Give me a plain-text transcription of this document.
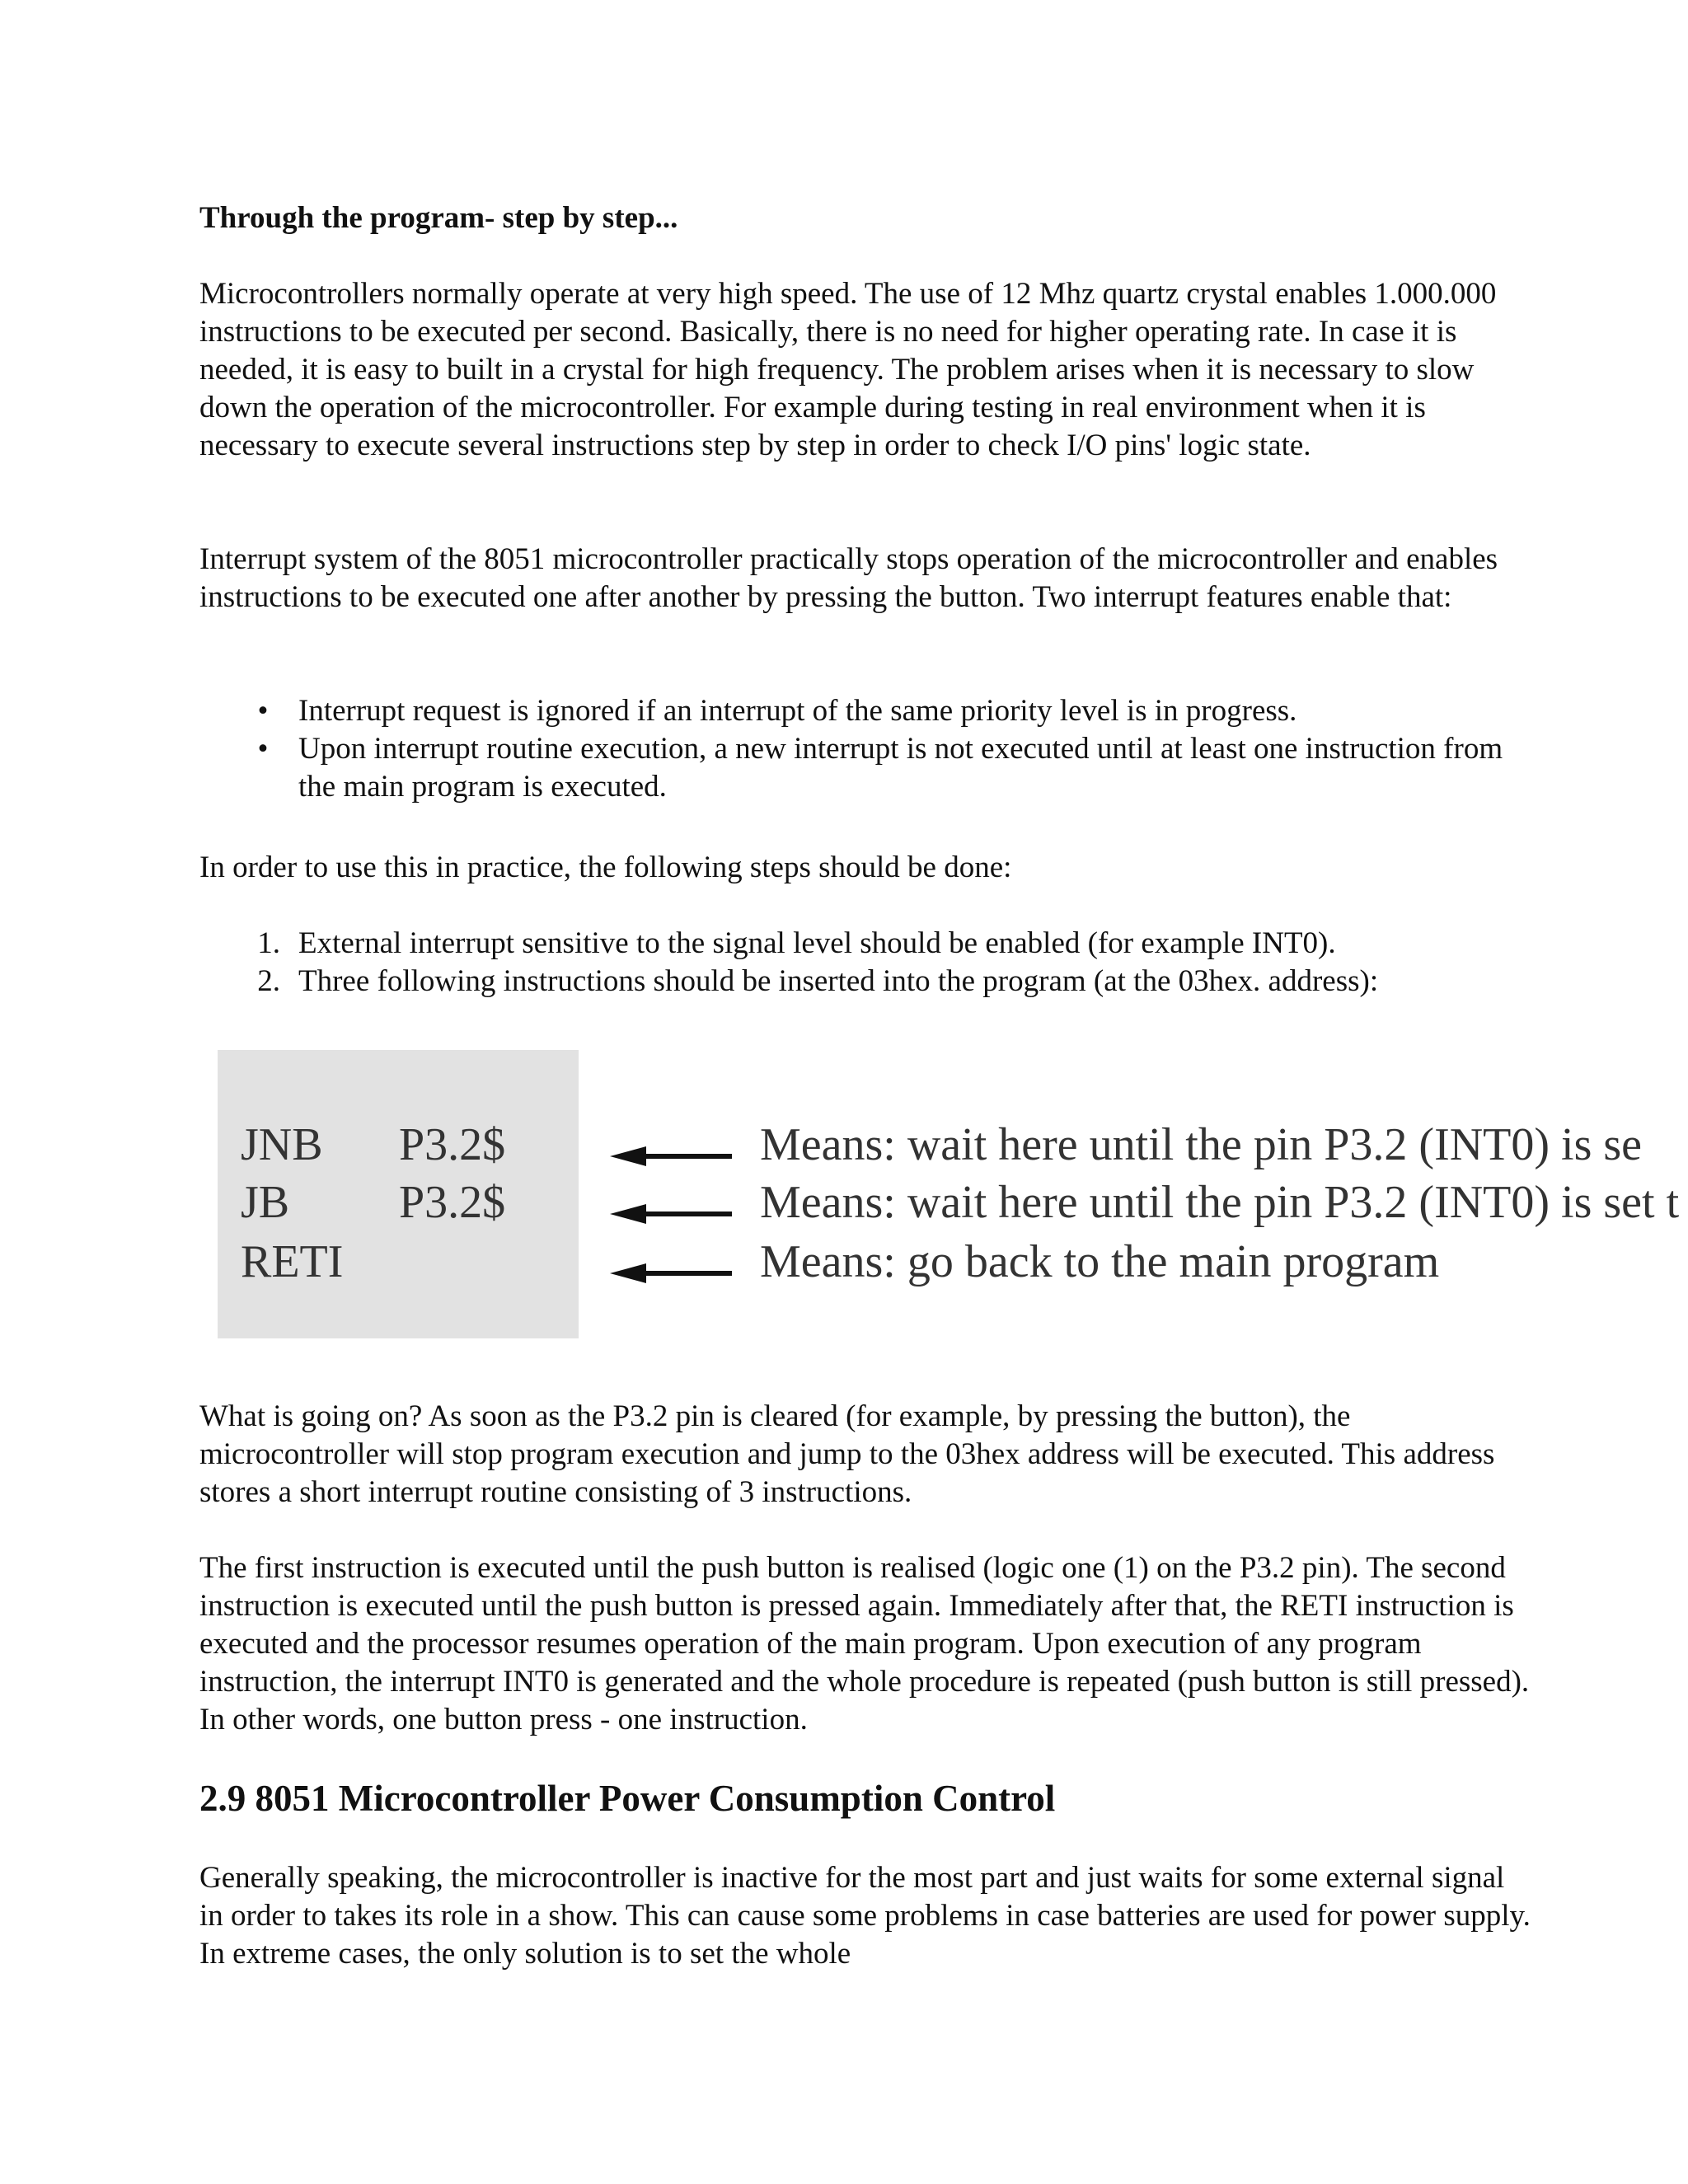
Through the program- step by step...

Microcontrollers normally operate at very high speed. The use of 12 Mhz quartz crystal enables 1.000.000 instructions to be executed per second. Basically, there is no need for higher operating rate. In case it is needed, it is easy to built in a crystal for high frequency. The problem arises when it is necessary to slow down the operation of the microcontroller. For example during testing in real environment when it is necessary to execute several instructions step by step in order to check I/O pins' logic state.

Interrupt system of the 8051 microcontroller practically stops operation of the microcontroller and enables instructions to be executed one after another by pressing the button. Two interrupt features enable that:

• Interrupt request is ignored if an interrupt of the same priority level is in progress.
• Upon interrupt routine execution, a new interrupt is not executed until at least one instruction from the main program is executed.

In order to use this in practice, the following steps should be done:

1. External interrupt sensitive to the signal level should be enabled (for example INT0).
2. Three following instructions should be inserted into the program (at the 03hex. address):
JNB P3.2$	Means: wait here until the pin P3.2 (INT0) is se
JB P3.2$	Means: wait here until the pin P3.2 (INT0) is set t
RETI	Means: go back to the main program

What is going on? As soon as the P3.2 pin is cleared (for example, by pressing the button), the microcontroller will stop program execution and jump to the 03hex address will be executed. This address stores a short interrupt routine consisting of 3 instructions.

The first instruction is executed until the push button is realised (logic one (1) on the P3.2 pin). The second instruction is executed until the push button is pressed again. Immediately after that, the RETI instruction is executed and the processor resumes operation of the main program. Upon execution of any program instruction, the interrupt INT0 is generated and the whole procedure is repeated (push button is still pressed). In other words, one button press - one instruction.

2.9 8051 Microcontroller Power Consumption Control

Generally speaking, the microcontroller is inactive for the most part and just waits for some external signal in order to takes its role in a show. This can cause some problems in case batteries are used for power supply. In extreme cases, the only solution is to set the whole
